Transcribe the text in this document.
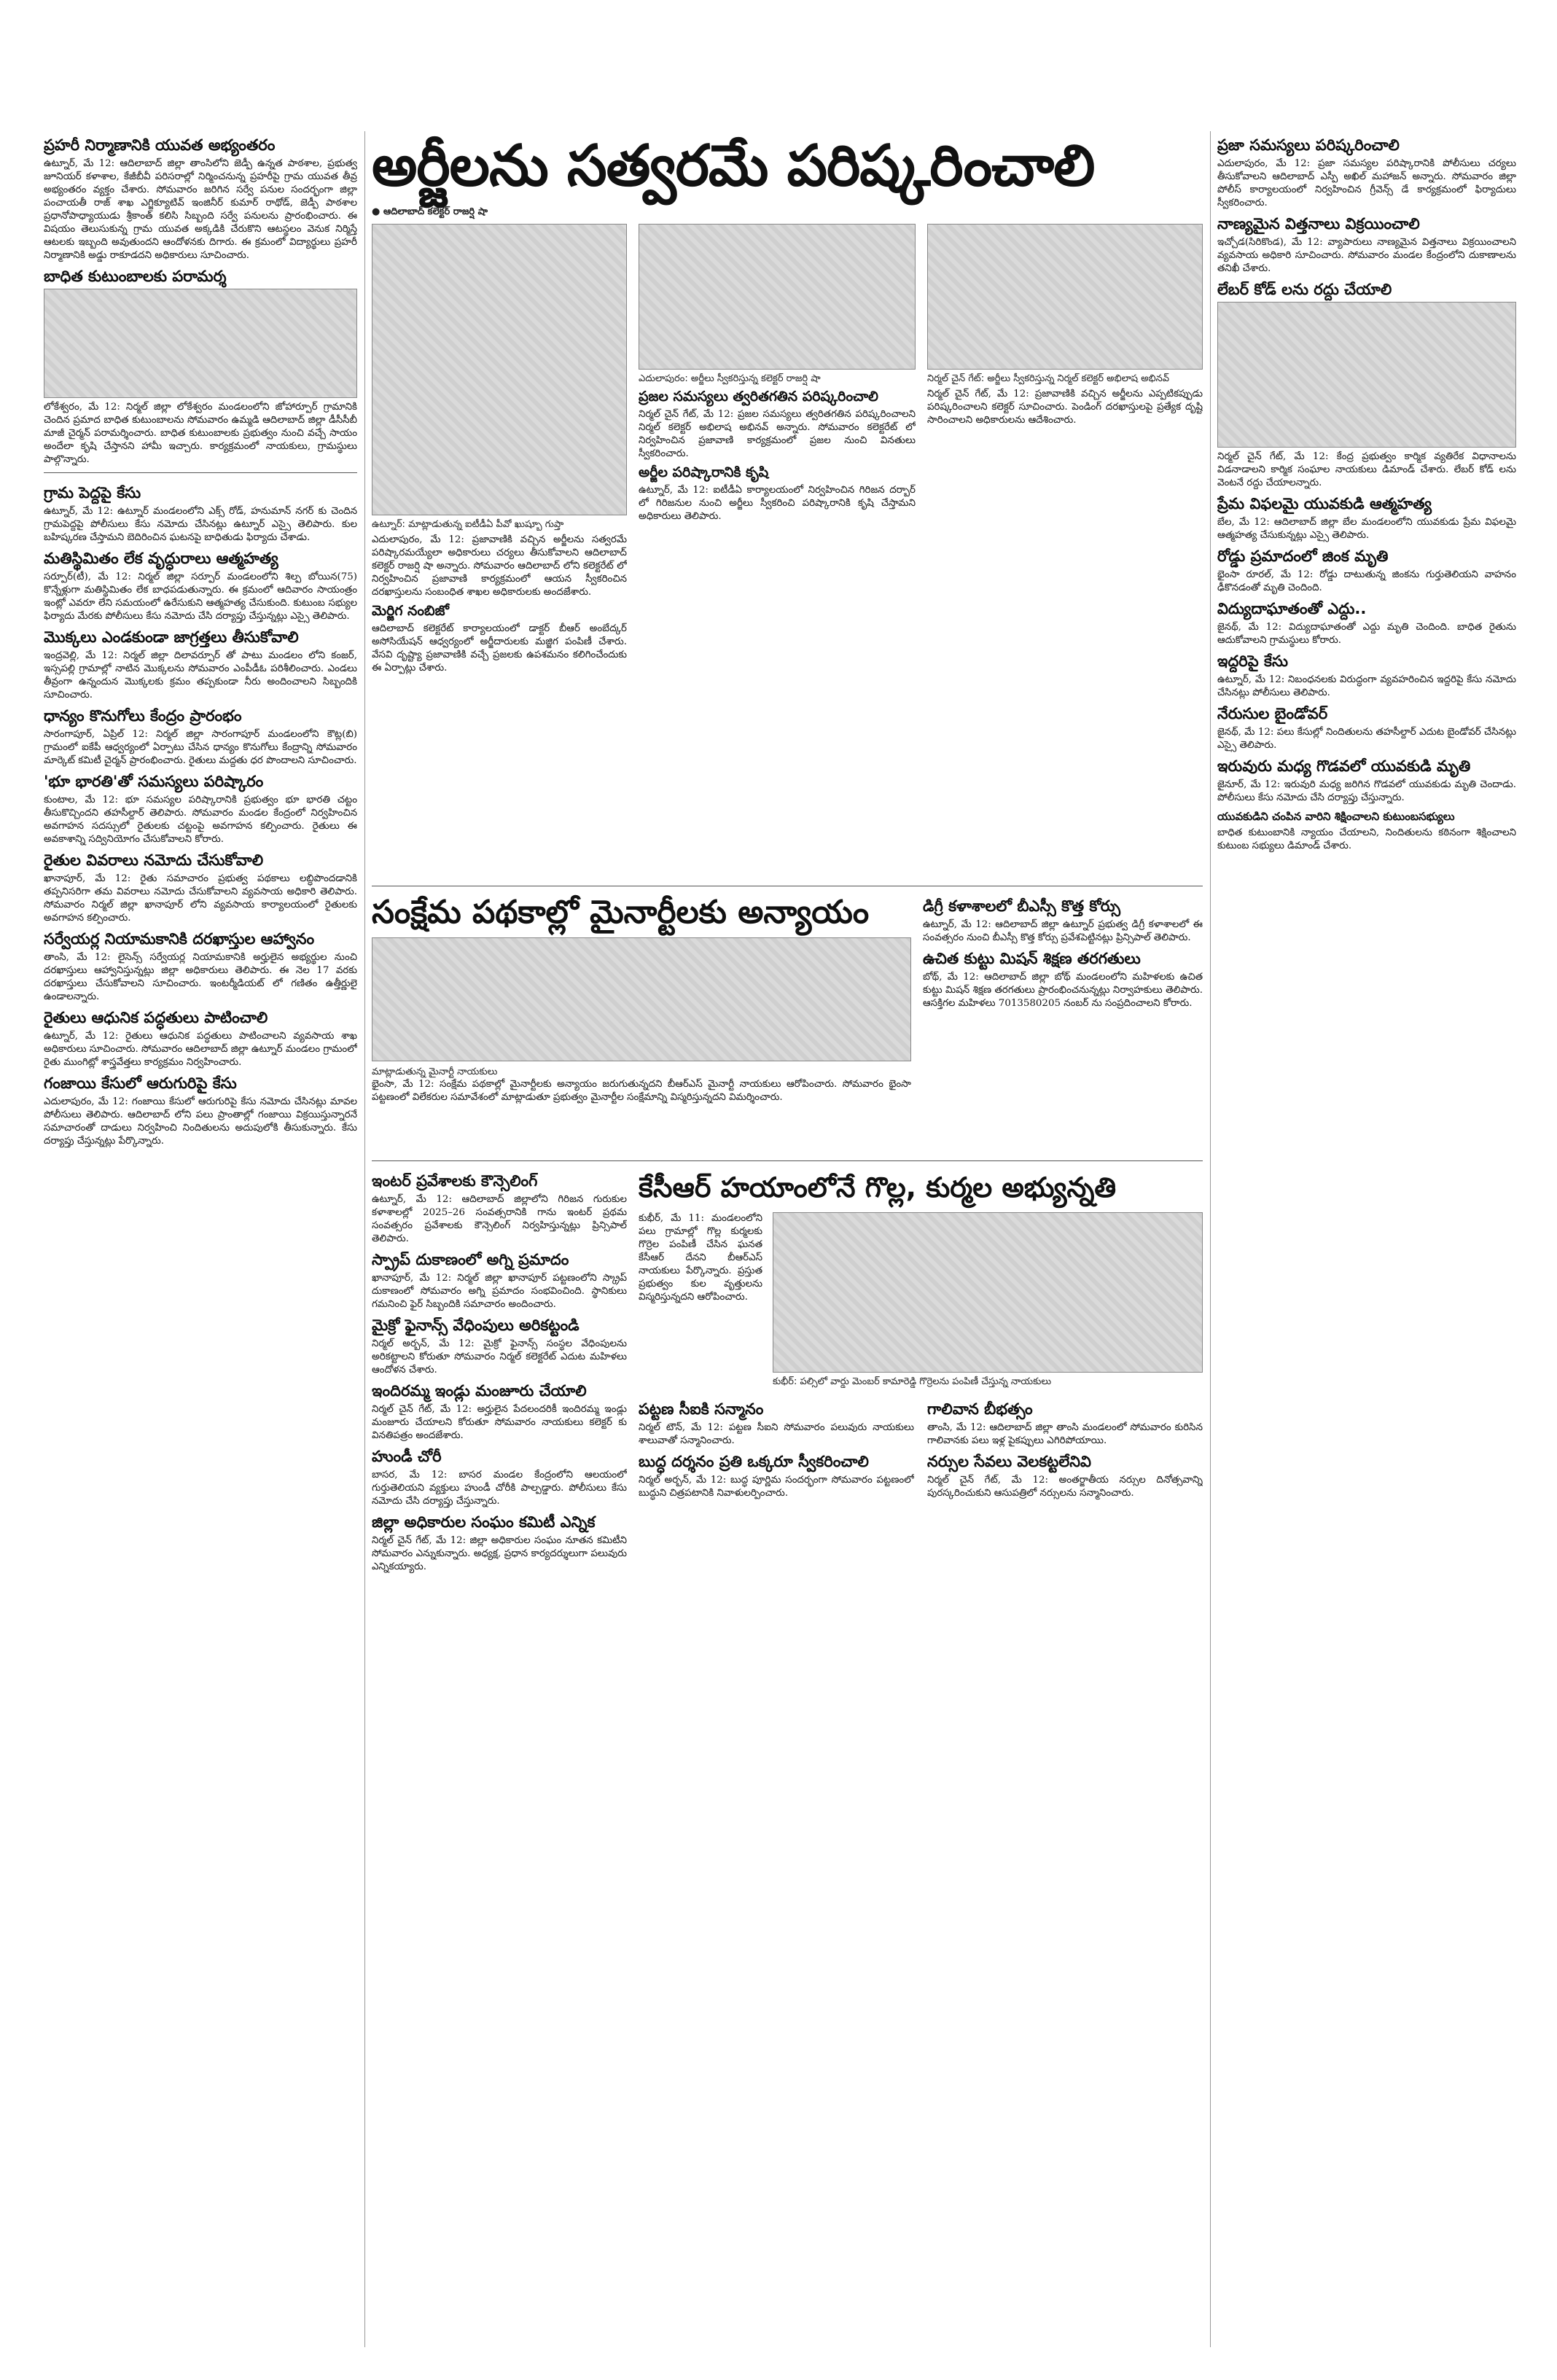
ప్రహరీ నిర్మాణానికి యువత అభ్యంతరం
ఉట్నూర్, మే 12: ఆదిలాబాద్ జిల్లా తాంసిలోని జెడ్పీ ఉన్నత పాఠశాల, ప్రభుత్వ జూనియర్ కళాశాల, కేజీబీవీ పరిసరాల్లో నిర్మించనున్న ప్రహరీపై గ్రామ యువత తీవ్ర అభ్యంతరం వ్యక్తం చేశారు. సోమవారం జరిగిన సర్వే పనుల సందర్భంగా జిల్లా పంచాయతీ రాజ్ శాఖ ఎగ్జిక్యూటివ్ ఇంజినీర్ కుమార్ రాథోడ్, జెడ్పీ పాఠశాల ప్రధానోపాధ్యాయుడు శ్రీకాంత్ కలిసి సిబ్బంది సర్వే పనులను ప్రారంభించారు. ఈ విషయం తెలుసుకున్న గ్రామ యువత అక్కడికి చేరుకొని ఆటస్థలం వెనుక నిర్మిస్తే ఆటలకు ఇబ్బంది అవుతుందని ఆందోళనకు దిగారు. ఈ క్రమంలో విద్యార్థులు ప్రహరీ నిర్మాణానికి అడ్డు రాకూడదని అధికారులు సూచించారు.
బాధిత కుటుంబాలకు పరామర్శ
లోకేశ్వరం, మే 12: నిర్మల్ జిల్లా లోకేశ్వరం మండలంలోని జోహార్పూర్ గ్రామానికి చెందిన ప్రమాద బాధిత కుటుంబాలను సోమవారం ఉమ్మడి ఆదిలాబాద్ జిల్లా డీసీసీబీ మాజీ చైర్మన్ పరామర్శించారు. బాధిత కుటుంబాలకు ప్రభుత్వం నుంచి వచ్చే సాయం అందేలా కృషి చేస్తానని హామీ ఇచ్చారు. కార్యక్రమంలో నాయకులు, గ్రామస్థులు పాల్గొన్నారు.
గ్రామ పెద్దపై కేసు
ఉట్నూర్, మే 12: ఉట్నూర్ మండలంలోని ఎక్స్ రోడ్, హనుమాన్ నగర్ కు చెందిన గ్రామపెద్దపై పోలీసులు కేసు నమోదు చేసినట్లు ఉట్నూర్ ఎస్సై తెలిపారు. కుల బహిష్కరణ చేస్తామని బెదిరించిన ఘటనపై బాధితుడు ఫిర్యాదు చేశాడు.
మతిస్థిమితం లేక వృద్ధురాలు ఆత్మహత్య
సర్పూర్(టీ), మే 12: నిర్మల్ జిల్లా సర్పూర్ మండలంలోని శిల్ప బోయిన(75) కొన్నేళ్లుగా మతిస్థిమితం లేక బాధపడుతున్నారు. ఈ క్రమంలో ఆదివారం సాయంత్రం ఇంట్లో ఎవరూ లేని సమయంలో ఉరేసుకుని ఆత్మహత్య చేసుకుంది. కుటుంబ సభ్యుల ఫిర్యాదు మేరకు పోలీసులు కేసు నమోదు చేసి దర్యాప్తు చేస్తున్నట్లు ఎస్సై తెలిపారు.
మొక్కలు ఎండకుండా జాగ్రత్తలు తీసుకోవాలి
ఇంద్రవెల్లి, మే 12: నిర్మల్ జిల్లా దిలావర్పూర్ తో పాటు మండలం లోని కంజర్, ఇస్సపల్లి గ్రామాల్లో నాటిన మొక్కలను సోమవారం ఎంపీడీఓ పరిశీలించారు. ఎండలు తీవ్రంగా ఉన్నందున మొక్కలకు క్రమం తప్పకుండా నీరు అందించాలని సిబ్బందికి సూచించారు.
ధాన్యం కొనుగోలు కేంద్రం ప్రారంభం
సారంగాపూర్, ఏప్రిల్ 12: నిర్మల్ జిల్లా సారంగాపూర్ మండలంలోని కౌట్ల(బి) గ్రామంలో ఐకేపీ ఆధ్వర్యంలో ఏర్పాటు చేసిన ధాన్యం కొనుగోలు కేంద్రాన్ని సోమవారం మార్కెట్ కమిటీ చైర్మన్ ప్రారంభించారు. రైతులు మద్దతు ధర పొందాలని సూచించారు.
'భూ భారతి'తో సమస్యలు పరిష్కారం
కుంటాల, మే 12: భూ సమస్యల పరిష్కారానికి ప్రభుత్వం భూ భారతి చట్టం తీసుకొచ్చిందని తహసీల్దార్ తెలిపారు. సోమవారం మండల కేంద్రంలో నిర్వహించిన అవగాహన సదస్సులో రైతులకు చట్టంపై అవగాహన కల్పించారు. రైతులు ఈ అవకాశాన్ని సద్వినియోగం చేసుకోవాలని కోరారు.
రైతుల వివరాలు నమోదు చేసుకోవాలి
ఖానాపూర్, మే 12: రైతు సమాచారం ప్రభుత్వ పథకాలు లబ్ధిపొందడానికి తప్పనిసరిగా తమ వివరాలు నమోదు చేసుకోవాలని వ్యవసాయ అధికారి తెలిపారు. సోమవారం నిర్మల్ జిల్లా ఖానాపూర్ లోని వ్యవసాయ కార్యాలయంలో రైతులకు అవగాహన కల్పించారు.
సర్వేయర్ల నియామకానికి దరఖాస్తుల ఆహ్వానం
తాంసి, మే 12: లైసెన్స్ సర్వేయర్ల నియామకానికి అర్హులైన అభ్యర్థుల నుంచి దరఖాస్తులు ఆహ్వానిస్తున్నట్లు జిల్లా అధికారులు తెలిపారు. ఈ నెల 17 వరకు దరఖాస్తులు చేసుకోవాలని సూచించారు. ఇంటర్మీడియట్ లో గణితం ఉత్తీర్ణులై ఉండాలన్నారు.
రైతులు ఆధునిక పద్ధతులు పాటించాలి
ఉట్నూర్, మే 12: రైతులు ఆధునిక పద్ధతులు పాటించాలని వ్యవసాయ శాఖ అధికారులు సూచించారు. సోమవారం ఆదిలాబాద్ జిల్లా ఉట్నూర్ మండలం గ్రామంలో రైతు ముంగిట్లో శాస్త్రవేత్తలు కార్యక్రమం నిర్వహించారు.
గంజాయి కేసులో ఆరుగురిపై కేసు
ఎదులాపురం, మే 12: గంజాయి కేసులో ఆరుగురిపై కేసు నమోదు చేసినట్లు మావల పోలీసులు తెలిపారు. ఆదిలాబాద్ లోని పలు ప్రాంతాల్లో గంజాయి విక్రయిస్తున్నారనే సమాచారంతో దాడులు నిర్వహించి నిందితులను అదుపులోకి తీసుకున్నారు. కేసు దర్యాప్తు చేస్తున్నట్లు పేర్కొన్నారు.
అర్జీలను సత్వరమే పరిష్కరించాలి
● ఆదిలాబాద్ కలెక్టర్ రాజర్షి షా
ఉట్నూర్: మాట్లాడుతున్న ఐటీడీఏ పీవో ఖుష్బూ గుప్తా
ఎదులాపురం, మే 12: ప్రజావాణికి వచ్చిన అర్జీలను సత్వరమే పరిష్కారమయ్యేలా అధికారులు చర్యలు తీసుకోవాలని ఆదిలాబాద్ కలెక్టర్ రాజర్షి షా అన్నారు. సోమవారం ఆదిలాబాద్ లోని కలెక్టరేట్ లో నిర్వహించిన ప్రజావాణి కార్యక్రమంలో ఆయన స్వీకరించిన దరఖాస్తులను సంబంధిత శాఖల అధికారులకు అందజేశారు.
మెర్జిగ నంబిజో
ఆదిలాబాద్ కలెక్టరేట్ కార్యాలయంలో డాక్టర్ బీఆర్ అంబేద్కర్ అసోసియేషన్ ఆధ్వర్యంలో అర్జీదారులకు మజ్జిగ పంపిణీ చేశారు. వేసవి దృష్ట్యా ప్రజావాణికి వచ్చే ప్రజలకు ఉపశమనం కలిగించేందుకు ఈ ఏర్పాట్లు చేశారు.
ఎదులాపురం: అర్జీలు స్వీకరిస్తున్న కలెక్టర్ రాజర్షి షా
ప్రజల సమస్యలు త్వరితగతిన పరిష్కరించాలి
నిర్మల్ చైన్ గేట్, మే 12: ప్రజల సమస్యలు త్వరితగతిన పరిష్కరించాలని నిర్మల్ కలెక్టర్ అభిలాష అభినవ్ అన్నారు. సోమవారం కలెక్టరేట్ లో నిర్వహించిన ప్రజావాణి కార్యక్రమంలో ప్రజల నుంచి వినతులు స్వీకరించారు.
అర్జీల పరిష్కారానికి కృషి
ఉట్నూర్, మే 12: ఐటీడీఏ కార్యాలయంలో నిర్వహించిన గిరిజన దర్బార్ లో గిరిజనుల నుంచి అర్జీలు స్వీకరించి పరిష్కారానికి కృషి చేస్తామని అధికారులు తెలిపారు.
నిర్మల్ చైన్ గేట్: అర్జీలు స్వీకరిస్తున్న నిర్మల్ కలెక్టర్ అభిలాష అభినవ్
నిర్మల్ చైన్ గేట్, మే 12: ప్రజావాణికి వచ్చిన అర్జీలను ఎప్పటికప్పుడు పరిష్కరించాలని కలెక్టర్ సూచించారు. పెండింగ్ దరఖాస్తులపై ప్రత్యేక దృష్టి సారించాలని అధికారులను ఆదేశించారు.
సంక్షేమ పథకాల్లో మైనార్టీలకు అన్యాయం
మాట్లాడుతున్న మైనార్టీ నాయకులు
భైంసా, మే 12: సంక్షేమ పథకాల్లో మైనార్టీలకు అన్యాయం జరుగుతున్నదని బీఆర్ఎస్ మైనార్టీ నాయకులు ఆరోపించారు. సోమవారం భైంసా పట్టణంలో విలేకరుల సమావేశంలో మాట్లాడుతూ ప్రభుత్వం మైనార్టీల సంక్షేమాన్ని విస్మరిస్తున్నదని విమర్శించారు.
డిగ్రీ కళాశాలలో బీఎస్సీ కొత్త కోర్సు
ఉట్నూర్, మే 12: ఆదిలాబాద్ జిల్లా ఉట్నూర్ ప్రభుత్వ డిగ్రీ కళాశాలలో ఈ సంవత్సరం నుంచి బీఎస్సీ కొత్త కోర్సు ప్రవేశపెట్టినట్లు ప్రిన్సిపాల్ తెలిపారు.
ఉచిత కుట్టు మిషన్ శిక్షణ తరగతులు
బోథ్, మే 12: ఆదిలాబాద్ జిల్లా బోథ్ మండలంలోని మహిళలకు ఉచిత కుట్టు మిషన్ శిక్షణ తరగతులు ప్రారంభించనున్నట్లు నిర్వాహకులు తెలిపారు. ఆసక్తిగల మహిళలు 7013580205 నంబర్ ను సంప్రదించాలని కోరారు.
ఇంటర్ ప్రవేశాలకు కౌన్సెలింగ్
ఉట్నూర్, మే 12: ఆదిలాబాద్ జిల్లాలోని గిరిజన గురుకుల కళాశాలల్లో 2025–26 సంవత్సరానికి గాను ఇంటర్ ప్రథమ సంవత్సరం ప్రవేశాలకు కౌన్సెలింగ్ నిర్వహిస్తున్నట్లు ప్రిన్సిపాల్ తెలిపారు.
స్ప్రాప్ దుకాణంలో అగ్ని ప్రమాదం
ఖానాపూర్, మే 12: నిర్మల్ జిల్లా ఖానాపూర్ పట్టణంలోని స్క్రాప్ దుకాణంలో సోమవారం అగ్ని ప్రమాదం సంభవించింది. స్థానికులు గమనించి ఫైర్ సిబ్బందికి సమాచారం అందించారు.
మైక్రో ఫైనాన్స్ వేధింపులు అరికట్టండి
నిర్మల్ అర్బన్, మే 12: మైక్రో ఫైనాన్స్ సంస్థల వేధింపులను అరికట్టాలని కోరుతూ సోమవారం నిర్మల్ కలెక్టరేట్ ఎదుట మహిళలు ఆందోళన చేశారు.
ఇందిరమ్మ ఇండ్లు మంజూరు చేయాలి
నిర్మల్ చైన్ గేట్, మే 12: అర్హులైన పేదలందరికీ ఇందిరమ్మ ఇండ్లు మంజూరు చేయాలని కోరుతూ సోమవారం నాయకులు కలెక్టర్ కు వినతిపత్రం అందజేశారు.
హుండీ చోరీ
బాసర, మే 12: బాసర మండల కేంద్రంలోని ఆలయంలో గుర్తుతెలియని వ్యక్తులు హుండీ చోరీకి పాల్పడ్డారు. పోలీసులు కేసు నమోదు చేసి దర్యాప్తు చేస్తున్నారు.
జిల్లా అధికారుల సంఘం కమిటీ ఎన్నిక
నిర్మల్ చైన్ గేట్, మే 12: జిల్లా అధికారుల సంఘం నూతన కమిటీని సోమవారం ఎన్నుకున్నారు. అధ్యక్ష, ప్రధాన కార్యదర్శులుగా పలువురు ఎన్నికయ్యారు.
కేసీఆర్ హయాంలోనే గొల్ల, కుర్మల అభ్యున్నతి
కుభీర్, మే 11: మండలంలోని పలు గ్రామాల్లో గొల్ల కుర్మలకు గొర్రెల పంపిణీ చేసిన ఘనత కేసీఆర్ దేనని బీఆర్ఎస్ నాయకులు పేర్కొన్నారు. ప్రస్తుత ప్రభుత్వం కుల వృత్తులను విస్మరిస్తున్నదని ఆరోపించారు.
కుభీర్: పల్సిలో వార్డు మెంబర్ కామారెడ్డి గొర్రెలను పంపిణీ చేస్తున్న నాయకులు
పట్టణ సీఐకి సన్మానం
నిర్మల్ టౌన్, మే 12: పట్టణ సీఐని సోమవారం పలువురు నాయకులు శాలువాతో సన్మానించారు.
బుద్ధ దర్శనం ప్రతి ఒక్కరూ స్వీకరించాలి
నిర్మల్ అర్బన్, మే 12: బుద్ధ పూర్ణిమ సందర్భంగా సోమవారం పట్టణంలో బుద్ధుని చిత్రపటానికి నివాళులర్పించారు.
గాలివాన బీభత్సం
తాంసి, మే 12: ఆదిలాబాద్ జిల్లా తాంసి మండలంలో సోమవారం కురిసిన గాలివానకు పలు ఇళ్ల పైకప్పులు ఎగిరిపోయాయి.
నర్సుల సేవలు వెలకట్టలేనివి
నిర్మల్ చైన్ గేట్, మే 12: అంతర్జాతీయ నర్సుల దినోత్సవాన్ని పురస్కరించుకుని ఆసుపత్రిలో నర్సులను సన్మానించారు.
ప్రజా సమస్యలు పరిష్కరించాలి
ఎదులాపురం, మే 12: ప్రజా సమస్యల పరిష్కారానికి పోలీసులు చర్యలు తీసుకోవాలని ఆదిలాబాద్ ఎస్పీ అఖిల్ మహాజన్ అన్నారు. సోమవారం జిల్లా పోలీస్ కార్యాలయంలో నిర్వహించిన గ్రీవెన్స్ డే కార్యక్రమంలో ఫిర్యాదులు స్వీకరించారు.
నాణ్యమైన విత్తనాలు విక్రయించాలి
ఇచ్చోడ(సిరికొండ), మే 12: వ్యాపారులు నాణ్యమైన విత్తనాలు విక్రయించాలని వ్యవసాయ అధికారి సూచించారు. సోమవారం మండల కేంద్రంలోని దుకాణాలను తనిఖీ చేశారు.
లేబర్ కోడ్ లను రద్దు చేయాలి
నిర్మల్ చైన్ గేట్, మే 12: కేంద్ర ప్రభుత్వం కార్మిక వ్యతిరేక విధానాలను విడనాడాలని కార్మిక సంఘాల నాయకులు డిమాండ్ చేశారు. లేబర్ కోడ్ లను వెంటనే రద్దు చేయాలన్నారు.
ప్రేమ విఫలమై యువకుడి ఆత్మహత్య
బేల, మే 12: ఆదిలాబాద్ జిల్లా బేల మండలంలోని యువకుడు ప్రేమ విఫలమై ఆత్మహత్య చేసుకున్నట్లు ఎస్సై తెలిపారు.
రోడ్డు ప్రమాదంలో జింక మృతి
భైంసా రూరల్, మే 12: రోడ్డు దాటుతున్న జింకను గుర్తుతెలియని వాహనం ఢీకొనడంతో మృతి చెందింది.
విద్యుదాఘాతంతో ఎద్దు..
జైనథ్, మే 12: విద్యుదాఘాతంతో ఎద్దు మృతి చెందింది. బాధిత రైతును ఆదుకోవాలని గ్రామస్థులు కోరారు.
ఇద్దరిపై కేసు
ఉట్నూర్, మే 12: నిబంధనలకు విరుద్ధంగా వ్యవహరించిన ఇద్దరిపై కేసు నమోదు చేసినట్లు పోలీసులు తెలిపారు.
నేరుసుల బైండోవర్
జైనథ్, మే 12: పలు కేసుల్లో నిందితులను తహసీల్దార్ ఎదుట బైండోవర్ చేసినట్లు ఎస్సై తెలిపారు.
ఇరువురు మధ్య గొడవలో యువకుడి మృతి
జైనూర్, మే 12: ఇరువురి మధ్య జరిగిన గొడవలో యువకుడు మృతి చెందాడు. పోలీసులు కేసు నమోదు చేసి దర్యాప్తు చేస్తున్నారు.
యువకుడిని చంపిన వారిని శిక్షించాలని కుటుంబసభ్యులు
బాధిత కుటుంబానికి న్యాయం చేయాలని, నిందితులను కఠినంగా శిక్షించాలని కుటుంబ సభ్యులు డిమాండ్ చేశారు.
